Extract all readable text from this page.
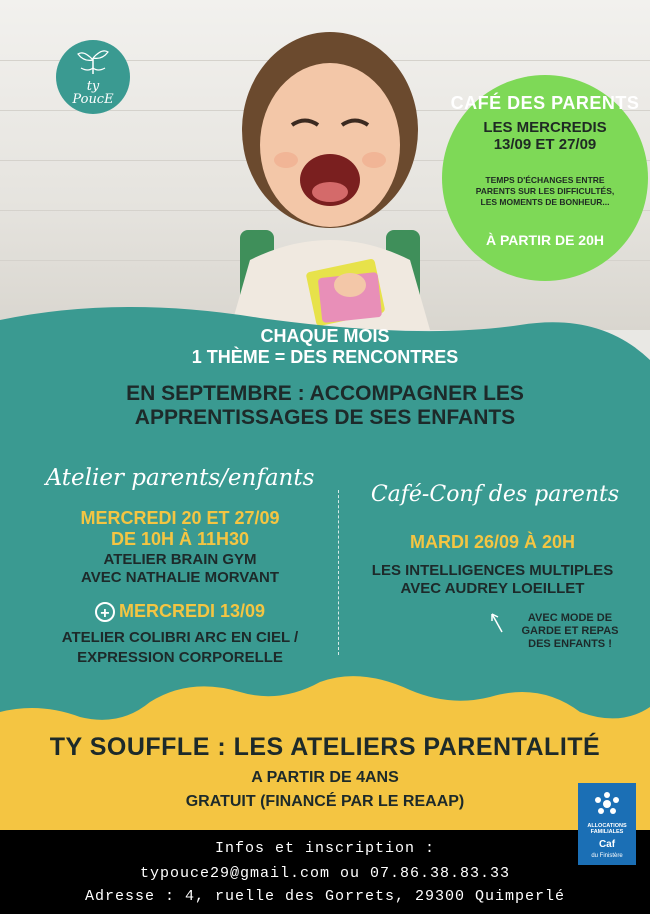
ty
PoucE	CAFÉ DES PARENTS
LES MERCREDIS
13/09 ET 27/09
TEMPS D'ÉCHANGES ENTRE
PARENTS SUR LES DIFFICULTÉS,
LES MOMENTS DE BONHEUR...
À PARTIR DE 20H
CHAQUE MOIS
1 THÈME = DES RENCONTRES
EN SEPTEMBRE : ACCOMPAGNER LES
APPRENTISSAGES DE SES ENFANTS
Atelier parents/enfants
MERCREDI 20 ET 27/09
DE 10H À 11H30
ATELIER BRAIN GYM
AVEC NATHALIE MORVANT
+ MERCREDI 13/09
ATELIER COLIBRI ARC EN CIEL /
EXPRESSION CORPORELLE
Café-Conf des parents
MARDI 26/09 À 20H
LES INTELLIGENCES MULTIPLES
AVEC AUDREY LOEILLET
AVEC MODE DE
GARDE ET REPAS
DES ENFANTS !
TY SOUFFLE : LES ATELIERS PARENTALITÉ
A PARTIR DE 4ANS
GRATUIT (FINANCÉ PAR LE REAAP)
Infos et inscription :
typouce29@gmail.com ou 07.86.38.83.33
Adresse : 4, ruelle des Gorrets, 29300 Quimperlé
ALLOCATIONS
FAMILIALES
Caf
du Finistère
